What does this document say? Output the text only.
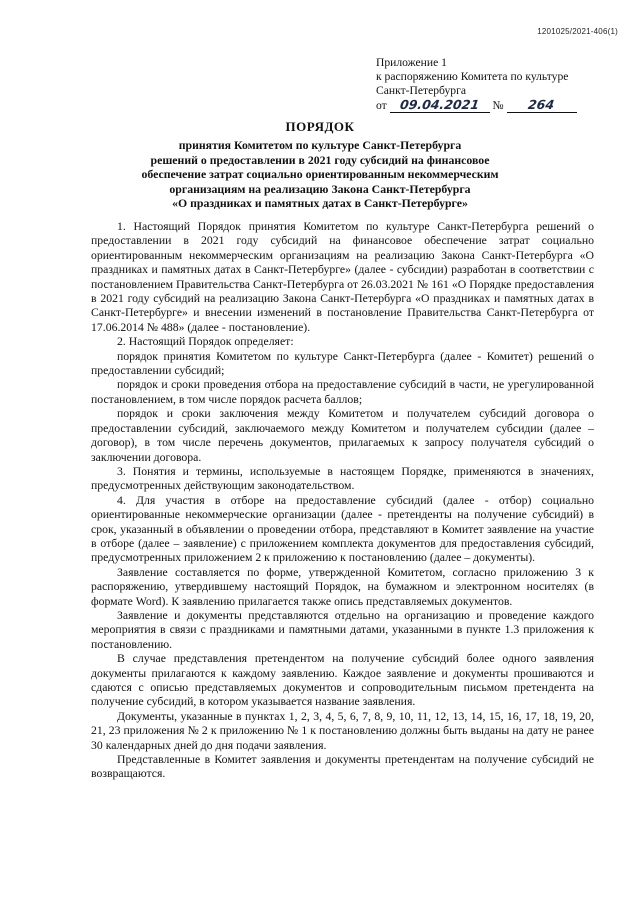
1201025/2021-406(1)
Приложение 1
к распоряжению Комитета по культуре
Санкт-Петербурга
от 09.04.2021 № 264
ПОРЯДОК
принятия Комитетом по культуре Санкт-Петербурга
решений о предоставлении в 2021 году субсидий на финансовое
обеспечение затрат социально ориентированным некоммерческим
организациям на реализацию Закона Санкт-Петербурга
«О праздниках и памятных датах в Санкт-Петербурге»

1. Настоящий Порядок принятия Комитетом по культуре Санкт-Петербурга решений о предоставлении в 2021 году субсидий на финансовое обеспечение затрат социально ориентированным некоммерческим организациям на реализацию Закона Санкт-Петербурга «О праздниках и памятных датах в Санкт-Петербурге» (далее - субсидии) разработан в соответствии с постановлением Правительства Санкт-Петербурга от 26.03.2021 № 161 «О Порядке предоставления в 2021 году субсидий на реализацию Закона Санкт-Петербурга «О праздниках и памятных датах в Санкт-Петербурге» и внесении изменений в постановление Правительства Санкт-Петербурга от 17.06.2014 № 488» (далее - постановление).

2. Настоящий Порядок определяет:

порядок принятия Комитетом по культуре Санкт-Петербурга (далее - Комитет) решений о предоставлении субсидий;

порядок и сроки проведения отбора на предоставление субсидий в части, не урегулированной постановлением, в том числе порядок расчета баллов;

порядок и сроки заключения между Комитетом и получателем субсидий договора о предоставлении субсидий, заключаемого между Комитетом и получателем субсидии (далее – договор), в том числе перечень документов, прилагаемых к запросу получателя субсидий о заключении договора.

3. Понятия и термины, используемые в настоящем Порядке, применяются в значениях, предусмотренных действующим законодательством.

4. Для участия в отборе на предоставление субсидий (далее - отбор) социально ориентированные некоммерческие организации (далее - претенденты на получение субсидий) в срок, указанный в объявлении о проведении отбора, представляют в Комитет заявление на участие в отборе (далее – заявление) с приложением комплекта документов для предоставления субсидий, предусмотренных приложением 2 к приложению к постановлению (далее – документы).

Заявление составляется по форме, утвержденной Комитетом, согласно приложению 3 к распоряжению, утвердившему настоящий Порядок, на бумажном и электронном носителях (в формате Word). К заявлению прилагается также опись представляемых документов.

Заявление и документы представляются отдельно на организацию и проведение каждого мероприятия в связи с праздниками и памятными датами, указанными в пункте 1.3 приложения к постановлению.

В случае представления претендентом на получение субсидий более одного заявления документы прилагаются к каждому заявлению. Каждое заявление и документы прошиваются и сдаются с описью представляемых документов и сопроводительным письмом претендента на получение субсидий, в котором указывается название заявления.

Документы, указанные в пунктах 1, 2, 3, 4, 5, 6, 7, 8, 9, 10, 11, 12, 13, 14, 15, 16, 17, 18, 19, 20, 21, 23 приложения № 2 к приложению № 1 к постановлению должны быть выданы на дату не ранее 30 календарных дней до дня подачи заявления.

Представленные в Комитет заявления и документы претендентам на получение субсидий не возвращаются.
